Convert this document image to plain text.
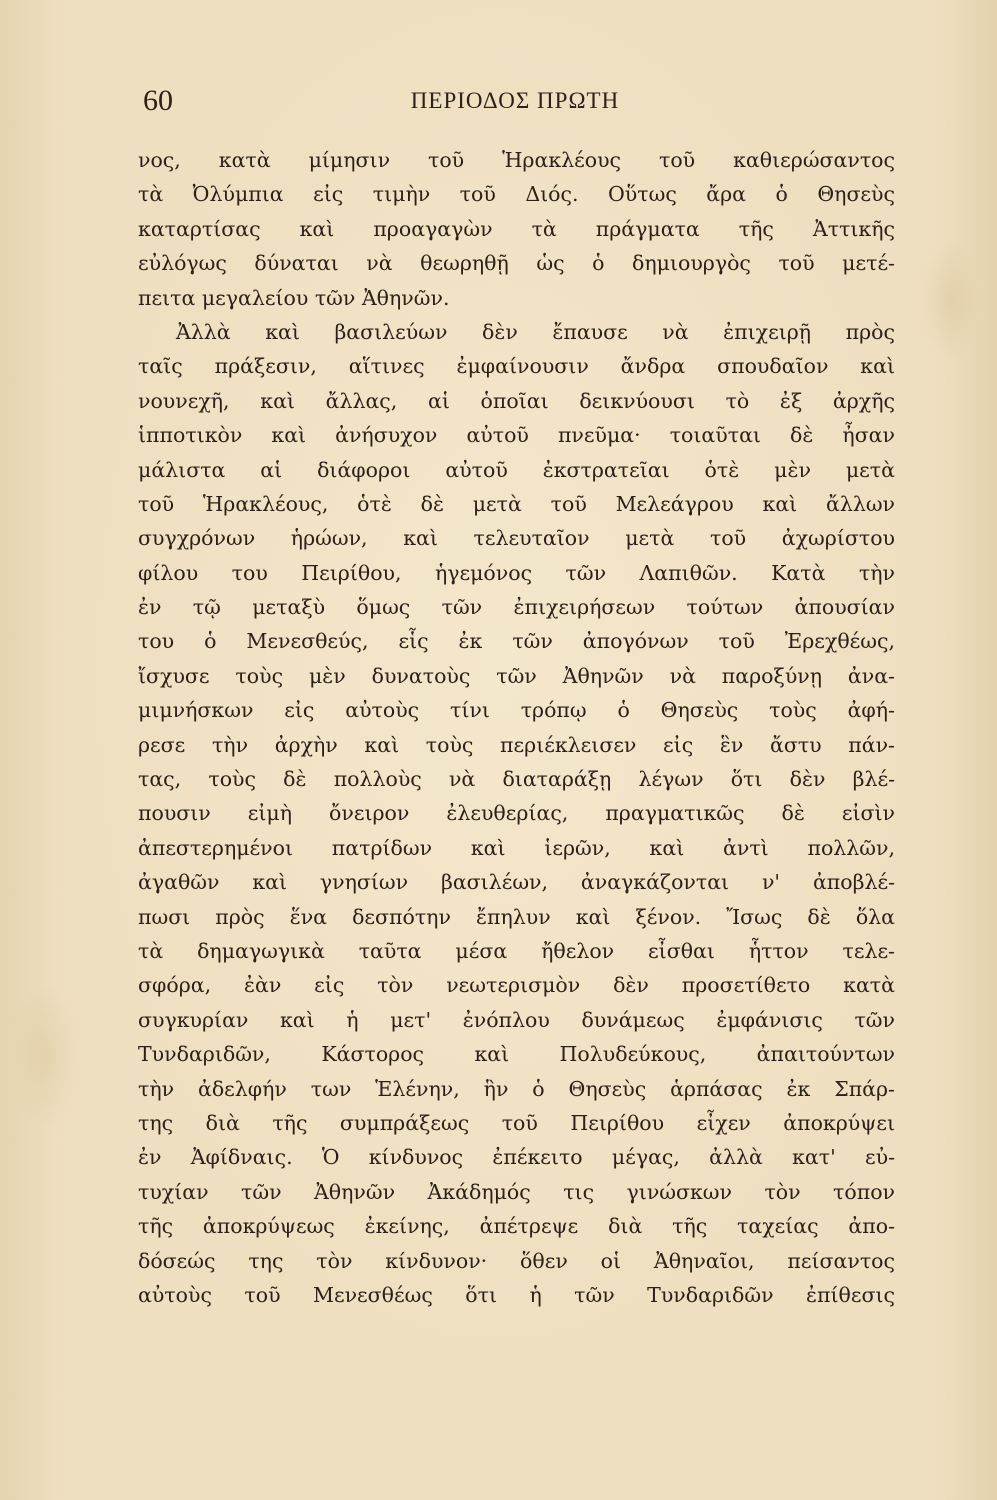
60	ΠΕΡΙΟΔΟΣ ΠΡΩΤΗ
νος, κατὰ μίμησιν τοῦ Ἡρακλέους τοῦ καθιερώσαντος
τὰ Ὀλύμπια εἰς τιμὴν τοῦ Διός. Οὕτως ἄρα ὁ Θησεὺς
καταρτίσας καὶ προαγαγὼν τὰ πράγματα τῆς Ἀττικῆς
εὐλόγως δύναται νὰ θεωρηθῇ ὡς ὁ δημιουργὸς τοῦ μετέ-
πειτα μεγαλείου τῶν Ἀθηνῶν.
Ἀλλὰ καὶ βασιλεύων δὲν ἔπαυσε νὰ ἐπιχειρῇ πρὸς
ταῖς πράξεσιν, αἵτινες ἐμφαίνουσιν ἄνδρα σπουδαῖον καὶ
νουνεχῆ, καὶ ἄλλας, αἱ ὁποῖαι δεικνύουσι τὸ ἐξ ἀρχῆς
ἱπποτικὸν καὶ ἀνήσυχον αὐτοῦ πνεῦμα· τοιαῦται δὲ ἦσαν
μάλιστα αἱ διάφοροι αὐτοῦ ἐκστρατεῖαι ὁτὲ μὲν μετὰ
τοῦ Ἡρακλέους, ὁτὲ δὲ μετὰ τοῦ Μελεάγρου καὶ ἄλλων
συγχρόνων ἡρώων, καὶ τελευταῖον μετὰ τοῦ ἀχωρίστου
φίλου του Πειρίθου, ἡγεμόνος τῶν Λαπιθῶν. Κατὰ τὴν
ἐν τῷ μεταξὺ ὅμως τῶν ἐπιχειρήσεων τούτων ἀπουσίαν
του ὁ Μενεσθεύς, εἷς ἐκ τῶν ἀπογόνων τοῦ Ἐρεχθέως,
ἴσχυσε τοὺς μὲν δυνατοὺς τῶν Ἀθηνῶν νὰ παροξύνῃ ἀνα-
μιμνήσκων εἰς αὐτοὺς τίνι τρόπῳ ὁ Θησεὺς τοὺς ἀφή-
ρεσε τὴν ἀρχὴν καὶ τοὺς περιέκλεισεν εἰς ἓν ἄστυ πάν-
τας, τοὺς δὲ πολλοὺς νὰ διαταράξῃ λέγων ὅτι δὲν βλέ-
πουσιν εἰμὴ ὄνειρον ἐλευθερίας, πραγματικῶς δὲ εἰσὶν
ἀπεστερημένοι πατρίδων καὶ ἱερῶν, καὶ ἀντὶ πολλῶν,
ἀγαθῶν καὶ γνησίων βασιλέων, ἀναγκάζονται ν' ἀποβλέ-
πωσι πρὸς ἕνα δεσπότην ἔπηλυν καὶ ξένον. Ἴσως δὲ ὅλα
τὰ δημαγωγικὰ ταῦτα μέσα ἤθελον εἶσθαι ἧττον τελε-
σφόρα, ἐὰν εἰς τὸν νεωτερισμὸν δὲν προσετίθετο κατὰ
συγκυρίαν καὶ ἡ μετ' ἐνόπλου δυνάμεως ἐμφάνισις τῶν
Τυνδαριδῶν, Κάστορος καὶ Πολυδεύκους, ἀπαιτούντων
τὴν ἀδελφήν των Ἑλένην, ἣν ὁ Θησεὺς ἁρπάσας ἐκ Σπάρ-
της διὰ τῆς συμπράξεως τοῦ Πειρίθου εἶχεν ἀποκρύψει
ἐν Ἀφίδναις. Ὁ κίνδυνος ἐπέκειτο μέγας, ἀλλὰ κατ' εὐ-
τυχίαν τῶν Ἀθηνῶν Ἀκάδημός τις γινώσκων τὸν τόπον
τῆς ἀποκρύψεως ἐκείνης, ἀπέτρεψε διὰ τῆς ταχείας ἀπο-
δόσεώς της τὸν κίνδυνον· ὅθεν οἱ Ἀθηναῖοι, πείσαντος
αὐτοὺς τοῦ Μενεσθέως ὅτι ἡ τῶν Τυνδαριδῶν ἐπίθεσις
